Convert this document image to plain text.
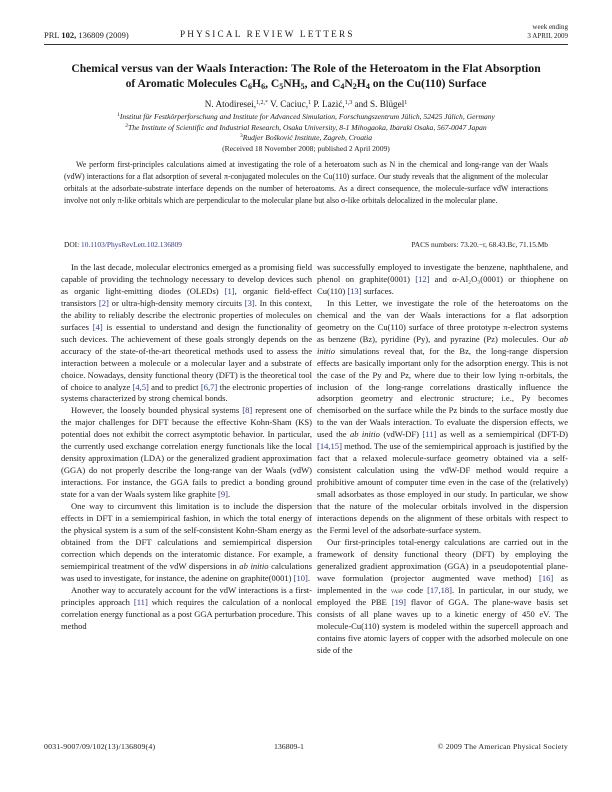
PRL 102, 136809 (2009)	PHYSICAL REVIEW LETTERS
week ending
3 APRIL 2009
Chemical versus van der Waals Interaction: The Role of the Heteroatom in the Flat Absorption
of Aromatic Molecules $C_6H_6$, $C_5NH_5$, and $C_4N_2H_4$ on the Cu(110) Surface
N. Atodiresei,$^{1,2,*}$ V. Caciuc,$^1$ P. Lazić,$^{1,3}$ and S. Blügel$^1$
$^1$Institut für Festkörperforschung and Institute for Advanced Simulation, Forschungszentrum Jülich, 52425 Jülich, Germany
$^2$The Institute of Scientific and Industrial Research, Osaka University, 8-1 Mihogaoka, Ibaraki Osaka, 567-0047 Japan
$^3$Rudjer Bošković Institute, Zagreb, Croatia
(Received 18 November 2008; published 2 April 2009)
We perform first-principles calculations aimed at investigating the role of a heteroatom such as N in the chemical and long-range van der Waals (vdW) interactions for a flat adsorption of several π-conjugated molecules on the Cu(110) surface. Our study reveals that the alignment of the molecular orbitals at the adsorbate-substrate interface depends on the number of heteroatoms. As a direct consequence, the molecule-surface vdW interactions involve not only π-like orbitals which are perpendicular to the molecular plane but also σ-like orbitals delocalized in the molecular plane.
DOI: 10.1103/PhysRevLett.102.136809	PACS numbers: 73.20.−r, 68.43.Bc, 71.15.Mb

In the last decade, molecular electronics emerged as a promising field capable of providing the technology necessary to develop devices such as organic light-emitting diodes (OLEDs) [1], organic field-effect transistors [2] or ultra-high-density memory circuits [3]. In this context, the ability to reliably describe the electronic properties of molecules on surfaces [4] is essential to understand and design the functionality of such devices. The achievement of these goals strongly depends on the accuracy of the state-of-the-art theoretical methods used to assess the interaction between a molecule or a molecular layer and a substrate of choice. Nowadays, density functional theory (DFT) is the theoretical tool of choice to analyze [4,5] and to predict [6,7] the electronic properties of systems characterized by strong chemical bonds.

However, the loosely bounded physical systems [8] represent one of the major challenges for DFT because the effective Kohn-Sham (KS) potential does not exhibit the correct asymptotic behavior. In particular, the currently used exchange correlation energy functionals like the local density approximation (LDA) or the generalized gradient approximation (GGA) do not properly describe the long-range van der Waals (vdW) interactions. For instance, the GGA fails to predict a bonding ground state for a van der Waals system like graphite [9].

One way to circumvent this limitation is to include the dispersion effects in DFT in a semiempirical fashion, in which the total energy of the physical system is a sum of the self-consistent Kohn-Sham energy as obtained from the DFT calculations and semiempirical dispersion correction which depends on the interatomic distance. For example, a semiempirical treatment of the vdW dispersions in ab initio calculations was used to investigate, for instance, the adenine on graphite(0001) [10].

Another way to accurately account for the vdW interactions is a first-principles approach [11] which requires the calculation of a nonlocal correlation energy functional as a post GGA perturbation procedure. This method

was successfully employed to investigate the benzene, naphthalene, and phenol on graphite(0001) [12] and α-Al₂O₃(0001) or thiophene on Cu(110) [13] surfaces.

In this Letter, we investigate the role of the heteroatoms on the chemical and the van der Waals interactions for a flat adsorption geometry on the Cu(110) surface of three prototype π-electron systems as benzene (Bz), pyridine (Py), and pyrazine (Pz) molecules. Our ab initio simulations reveal that, for the Bz, the long-range dispersion effects are basically important only for the adsorption energy. This is not the case of the Py and Pz, where due to their low lying π-orbitals, the inclusion of the long-range correlations drastically influence the adsorption geometry and electronic structure; i.e., Py becomes chemisorbed on the surface while the Pz binds to the surface mostly due to the van der Waals interaction. To evaluate the dispersion effects, we used the ab initio (vdW-DF) [11] as well as a semiempirical (DFT-D) [14,15] method. The use of the semiempirical approach is justified by the fact that a relaxed molecule-surface geometry obtained via a self-consistent calculation using the vdW-DF method would require a prohibitive amount of computer time even in the case of the (relatively) small adsorbates as those employed in our study. In particular, we show that the nature of the molecular orbitals involved in the dispersion interactions depends on the alignment of these orbitals with respect to the Fermi level of the adsorbate-surface system.

Our first-principles total-energy calculations are carried out in the framework of density functional theory (DFT) by employing the generalized gradient approximation (GGA) in a pseudopotential plane-wave formulation (projector augmented wave method) [16] as implemented in the vasp code [17,18]. In particular, in our study, we employed the PBE [19] flavor of GGA. The plane-wave basis set consists of all plane waves up to a kinetic energy of 450 eV. The molecule-Cu(110) system is modeled within the supercell approach and contains five atomic layers of copper with the adsorbed molecule on one side of the

0031-9007/09/102(13)/136809(4)	136809-1	© 2009 The American Physical Society
